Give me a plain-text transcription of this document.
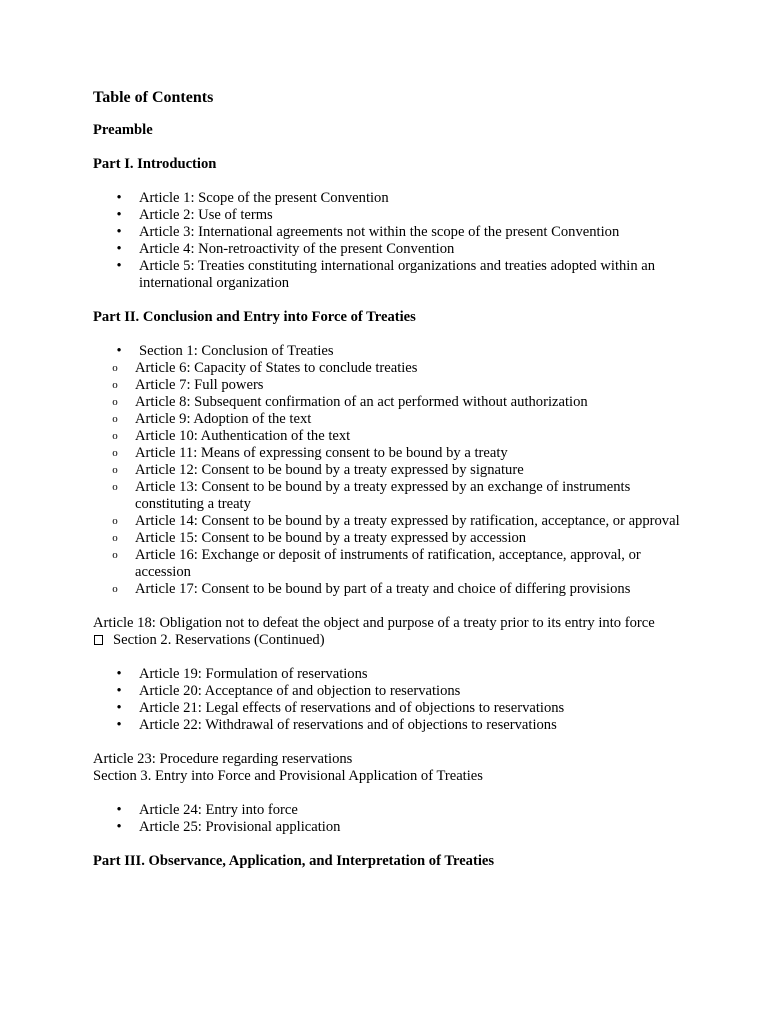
Table of Contents
Preamble
Part I. Introduction
• Article 1: Scope of the present Convention
• Article 2: Use of terms
• Article 3: International agreements not within the scope of the present Convention
• Article 4: Non-retroactivity of the present Convention
• Article 5: Treaties constituting international organizations and treaties adopted within an international organization
Part II. Conclusion and Entry into Force of Treaties
• Section 1: Conclusion of Treaties
o Article 6: Capacity of States to conclude treaties
o Article 7: Full powers
o Article 8: Subsequent confirmation of an act performed without authorization
o Article 9: Adoption of the text
o Article 10: Authentication of the text
o Article 11: Means of expressing consent to be bound by a treaty
o Article 12: Consent to be bound by a treaty expressed by signature
o Article 13: Consent to be bound by a treaty expressed by an exchange of instruments constituting a treaty
o Article 14: Consent to be bound by a treaty expressed by ratification, acceptance, or approval
o Article 15: Consent to be bound by a treaty expressed by accession
o Article 16: Exchange or deposit of instruments of ratification, acceptance, approval, or accession
o Article 17: Consent to be bound by part of a treaty and choice of differing provisions
Article 18: Obligation not to defeat the object and purpose of a treaty prior to its entry into force
Section 2. Reservations (Continued)
• Article 19: Formulation of reservations
• Article 20: Acceptance of and objection to reservations
• Article 21: Legal effects of reservations and of objections to reservations
• Article 22: Withdrawal of reservations and of objections to reservations
Article 23: Procedure regarding reservations
Section 3. Entry into Force and Provisional Application of Treaties
• Article 24: Entry into force
• Article 25: Provisional application
Part III. Observance, Application, and Interpretation of Treaties
